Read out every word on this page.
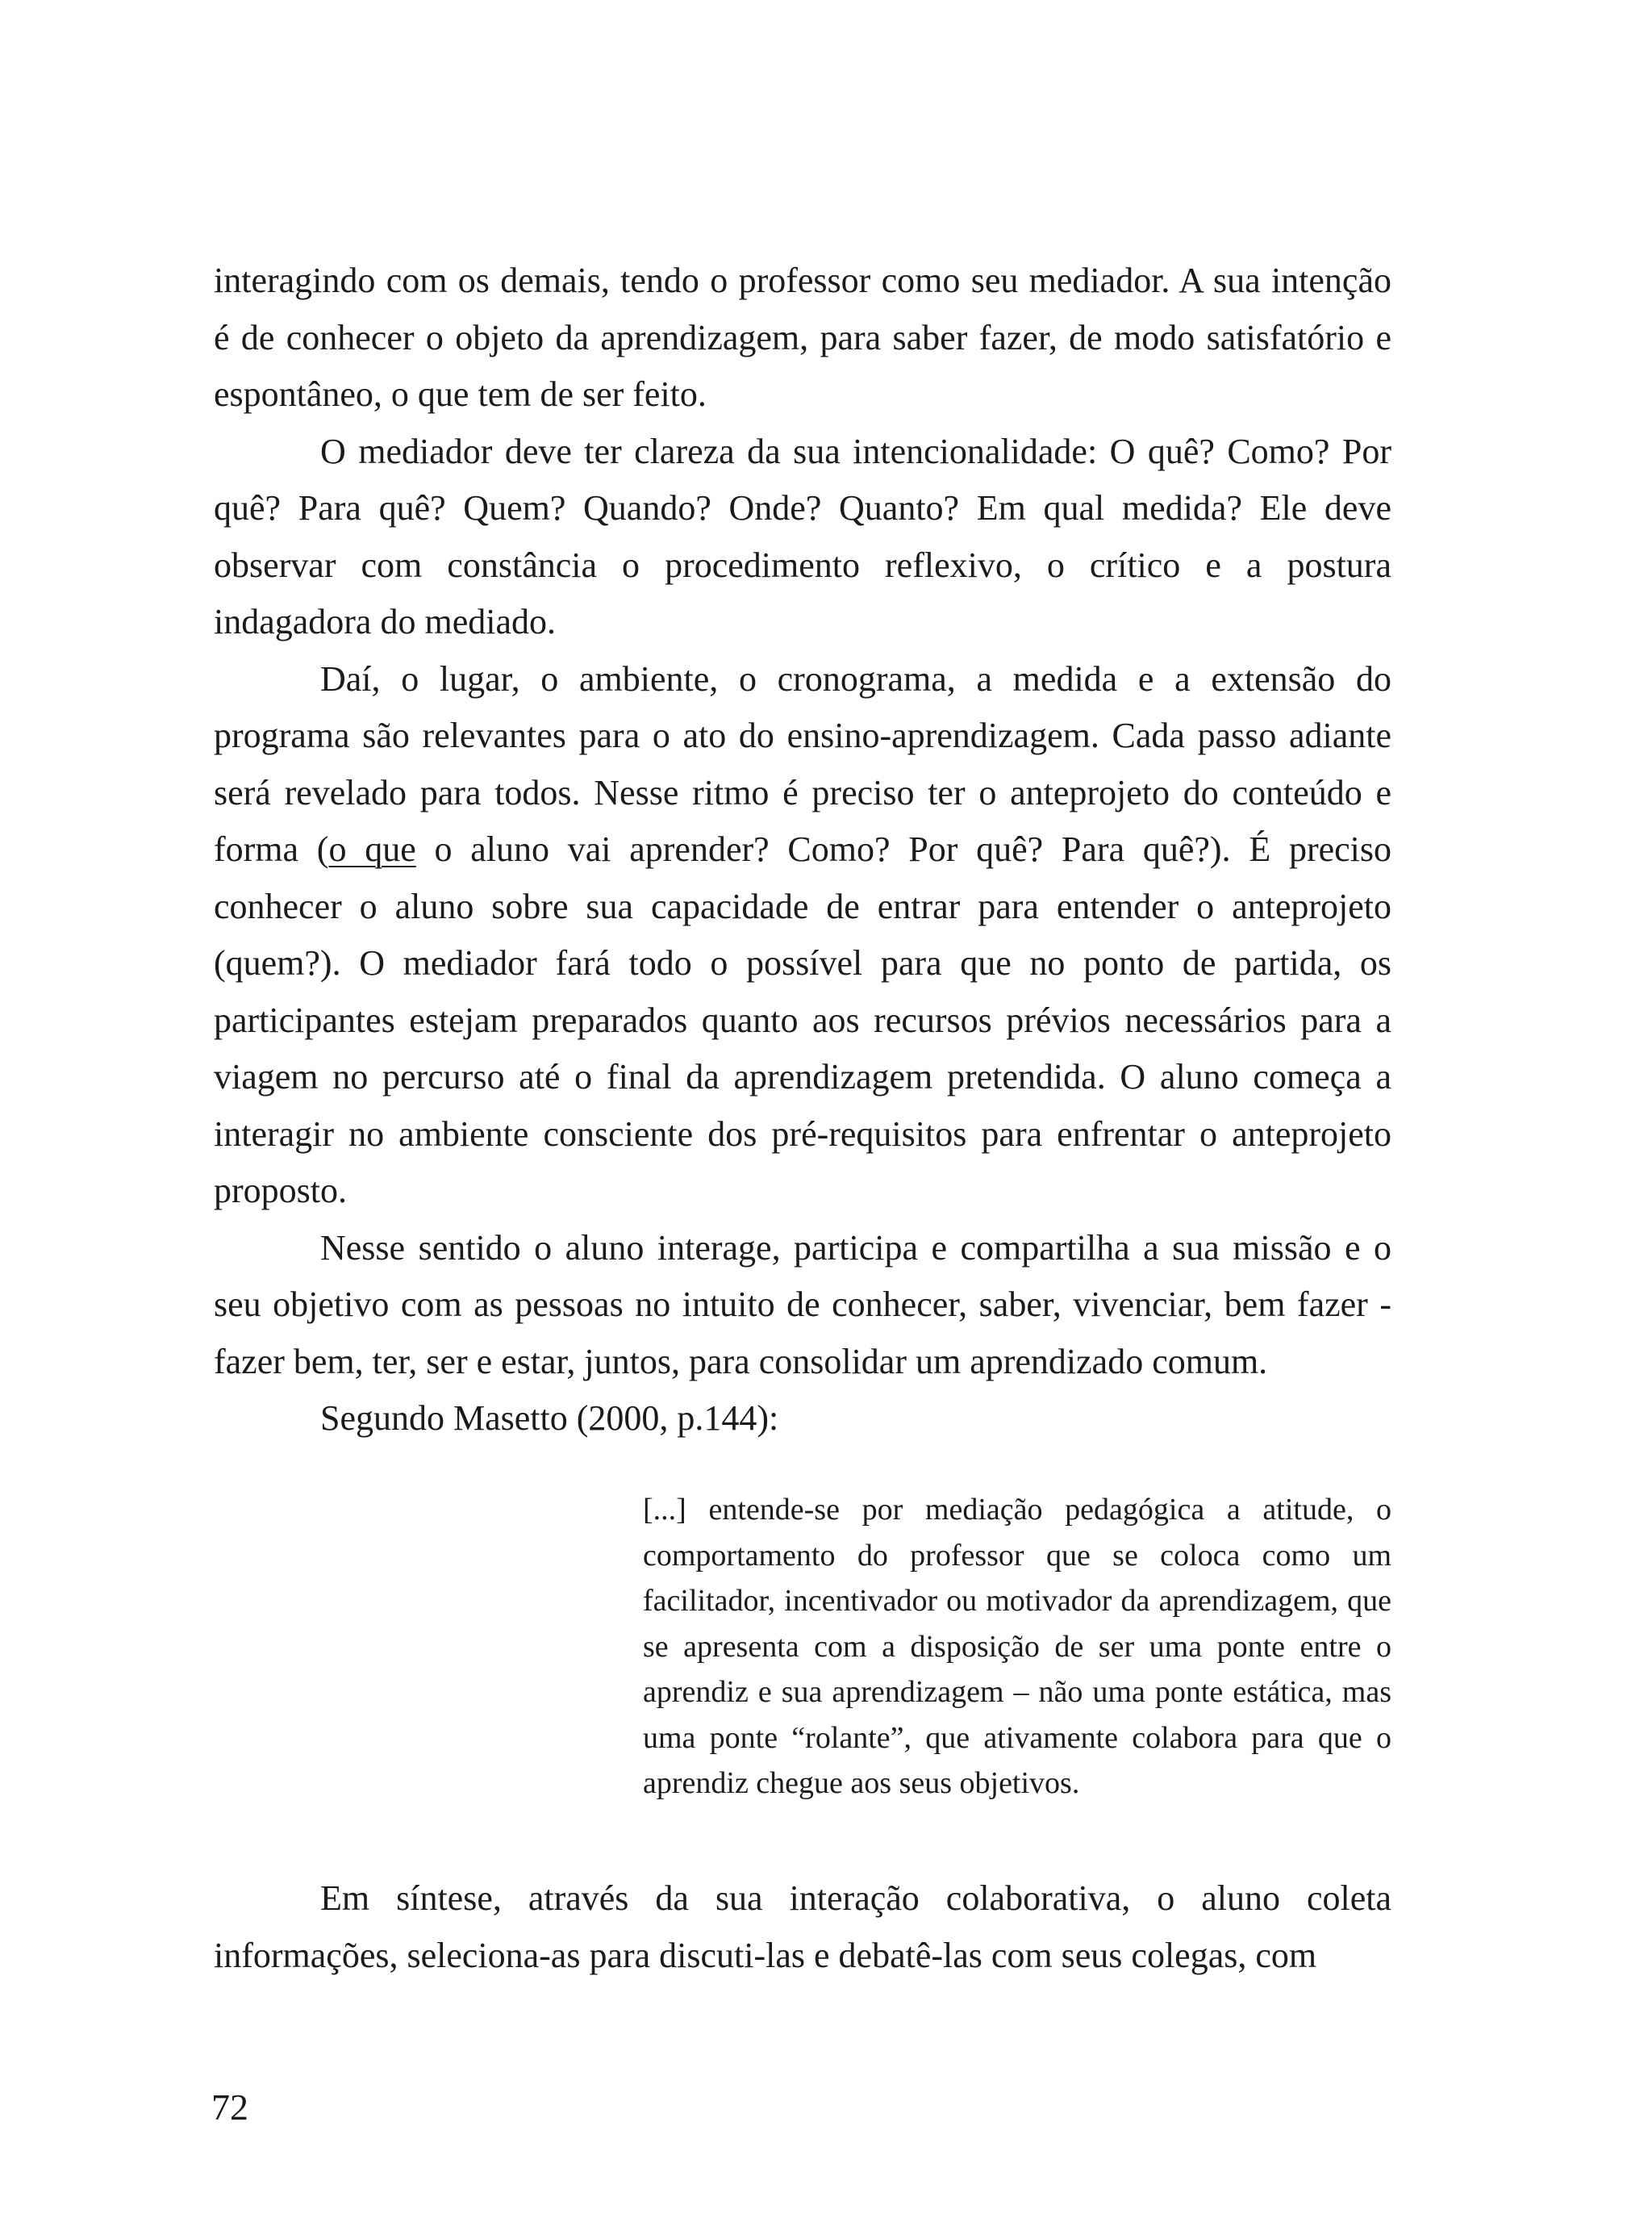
interagindo com os demais, tendo o professor como seu mediador. A sua intenção é de conhecer o objeto da aprendizagem, para saber fazer, de modo satisfatório e espontâneo, o que tem de ser feito.

O mediador deve ter clareza da sua intencionalidade: O quê? Como? Por quê? Para quê? Quem? Quando? Onde? Quanto? Em qual medida? Ele deve observar com constância o procedimento reflexivo, o crítico e a postura indagadora do mediado.

Daí, o lugar, o ambiente, o cronograma, a medida e a extensão do programa são relevantes para o ato do ensino-aprendizagem. Cada passo adiante será revelado para todos. Nesse ritmo é preciso ter o anteprojeto do conteúdo e forma (o que o aluno vai aprender? Como? Por quê? Para quê?). É preciso conhecer o aluno sobre sua capacidade de entrar para entender o anteprojeto (quem?). O mediador fará todo o possível para que no ponto de partida, os participantes estejam preparados quanto aos recursos prévios necessários para a viagem no percurso até o final da aprendizagem pretendida. O aluno começa a interagir no ambiente consciente dos pré-requisitos para enfrentar o anteprojeto proposto.

Nesse sentido o aluno interage, participa e compartilha a sua missão e o seu objetivo com as pessoas no intuito de conhecer, saber, vivenciar, bem fazer - fazer bem, ter, ser e estar, juntos, para consolidar um aprendizado comum.

Segundo Masetto (2000, p.144):

[...] entende-se por mediação pedagógica a atitude, o comportamento do professor que se coloca como um facilitador, incentivador ou motivador da aprendizagem, que se apresenta com a disposição de ser uma ponte entre o aprendiz e sua aprendizagem – não uma ponte estática, mas uma ponte “rolante”, que ativamente colabora para que o aprendiz chegue aos seus objetivos.

Em síntese, através da sua interação colaborativa, o aluno coleta informações, seleciona-as para discuti-las e debatê-las com seus colegas, com

72
